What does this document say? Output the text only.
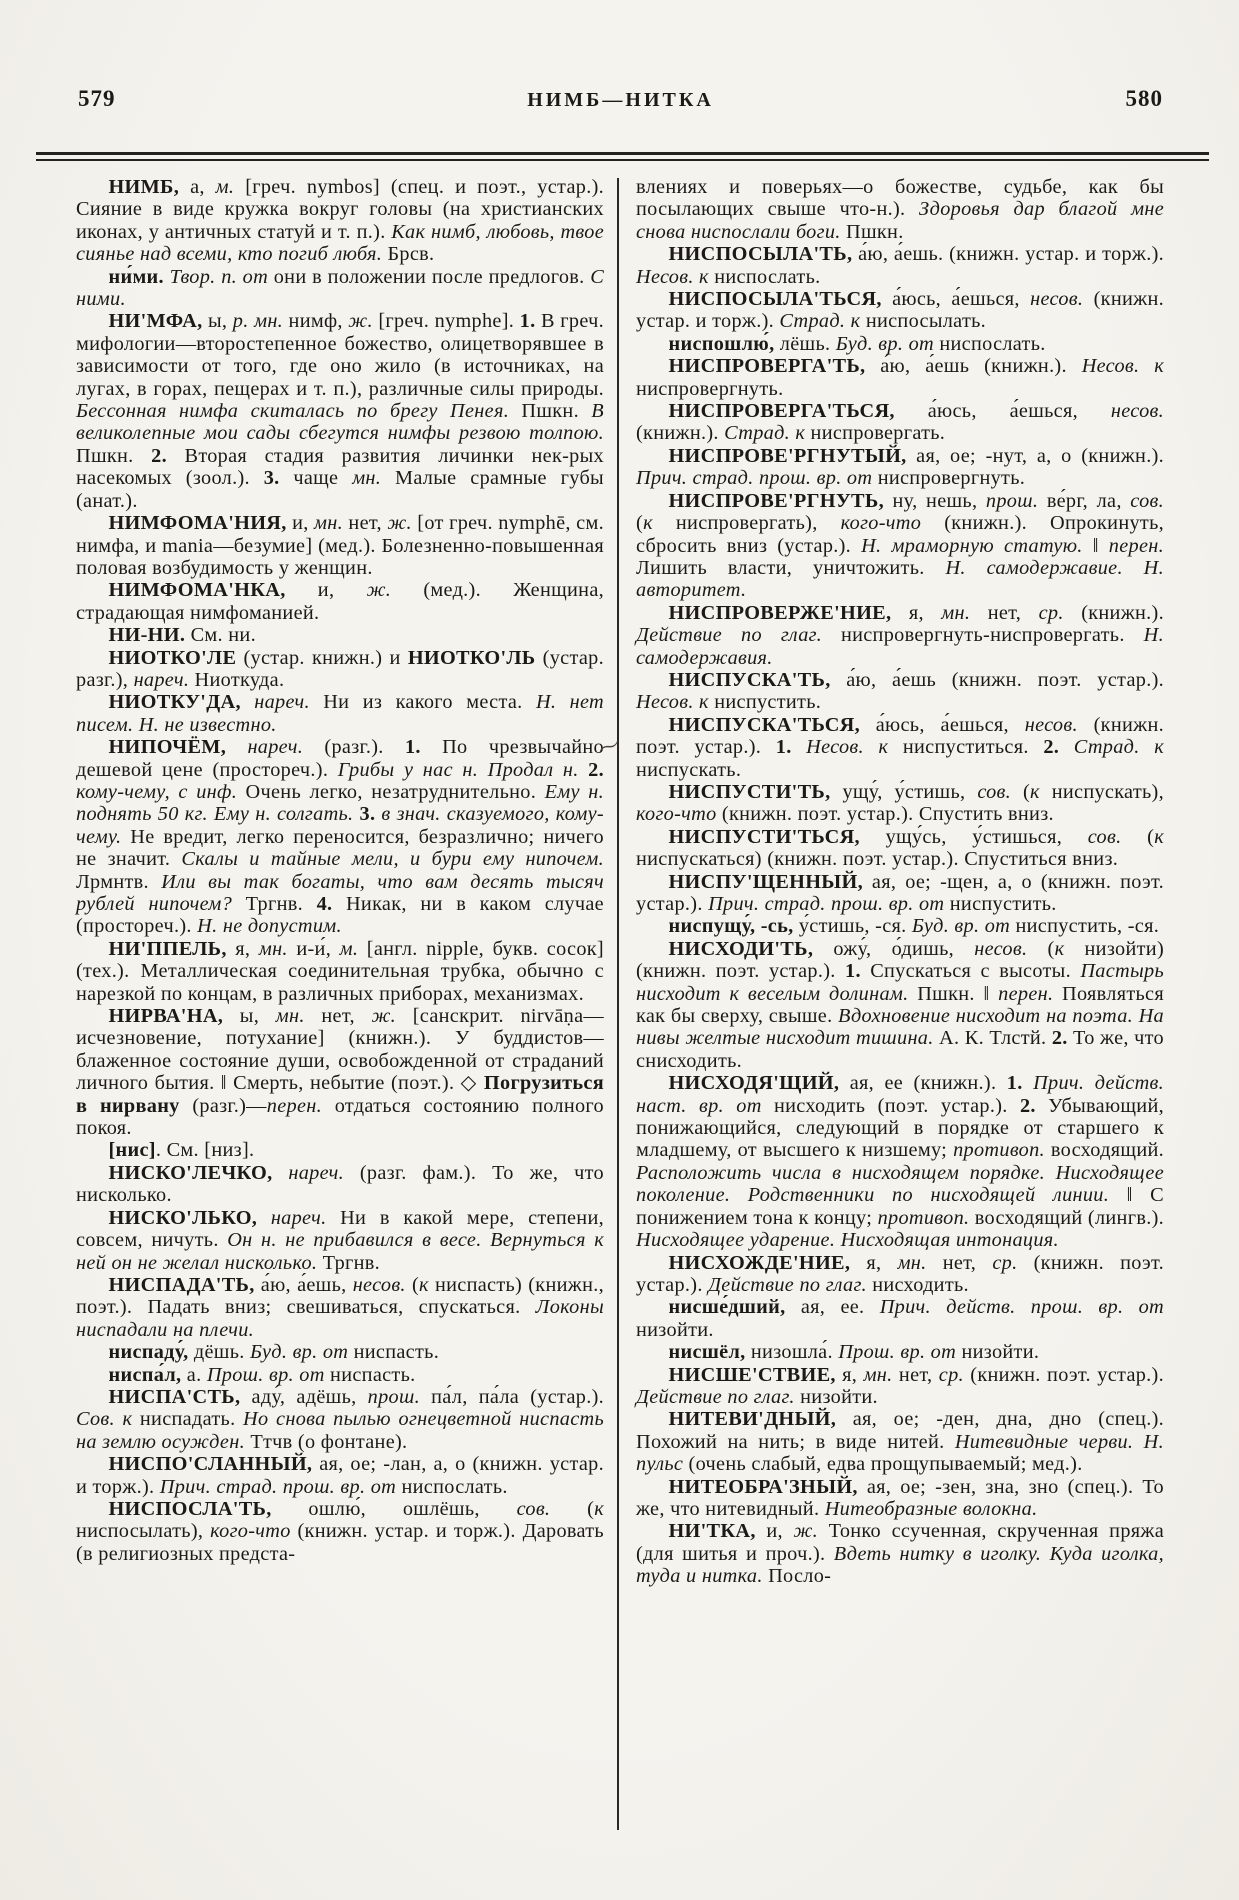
579	НИМБ—НИТКА	580

НИМБ, а, м. [греч. nymbos] (спец. и поэт., устар.). Сияние в виде кружка вокруг головы (на христианских иконах, у античных статуй и т. п.). Как нимб, любовь, твое сиянье над всеми, кто погиб любя. Брсв.

ни́ми. Твор. п. от они в положении после предлогов. С ними.

НИ'МФА, ы, р. мн. нимф, ж. [греч. nymphe]. 1. В греч. мифологии—второстепенное божество, олицетворявшее в зависимости от того, где оно жило (в источниках, на лугах, в горах, пещерах и т. п.), различные силы природы. Бессонная нимфа скиталась по брегу Пенея. Пшкн. В великолепные мои сады сбегутся нимфы резвою толпою. Пшкн. 2. Вторая стадия развития личинки нек-рых насекомых (зоол.). 3. чаще мн. Малые срамные губы (анат.).

НИМФОМА'НИЯ, и, мн. нет, ж. [от греч. nymphē, см. нимфа, и mania—безумие] (мед.). Болезненно-повышенная половая возбудимость у женщин.

НИМФОМА'НКА, и, ж. (мед.). Женщина, страдающая нимфоманией.

НИ-НИ. См. ни.

НИОТКО'ЛЕ (устар. книжн.) и НИОТКО'ЛЬ (устар. разг.), нареч. Ниоткуда.

НИОТКУ'ДА, нареч. Ни из какого места. Н. нет писем. Н. не известно.

НИПОЧЁМ, нареч. (разг.). 1. По чрезвычайно дешевой цене (простореч.). Грибы у нас н. Продал н. 2. кому-чему, с инф. Очень легко, незатруднительно. Ему н. поднять 50 кг. Ему н. солгать. 3. в знач. сказуемого, кому-чему. Не вредит, легко переносится, безразлично; ничего не значит. Скалы и тайные мели, и бури ему нипочем. Лрмнтв. Или вы так богаты, что вам десять тысяч рублей нипочем? Тргнв. 4. Никак, ни в каком случае (простореч.). Н. не допустим.

НИ'ППЕЛЬ, я, мн. и-и́, м. [англ. nipple, букв. сосок] (тех.). Металлическая соединительная трубка, обычно с нарезкой по концам, в различных приборах, механизмах.

НИРВА'НА, ы, мн. нет, ж. [санскрит. nirvāṇa—исчезновение, потухание] (книжн.). У буддистов—блаженное состояние души, освобожденной от страданий личного бытия. ‖ Смерть, небытие (поэт.). ◇ Погрузиться в нирвану (разг.)—перен. отдаться состоянию полного покоя.

[нис]. См. [низ].

НИСКО'ЛЕЧКО, нареч. (разг. фам.). То же, что нисколько.

НИСКО'ЛЬКО, нареч. Ни в какой мере, степени, совсем, ничуть. Он н. не прибавился в весе. Вернуться к ней он не желал нисколько. Тргнв.

НИСПАДА'ТЬ, а́ю, а́ешь, несов. (к ниспасть) (книжн., поэт.). Падать вниз; свешиваться, спускаться. Локоны ниспадали на плечи.

ниспаду́, дёшь. Буд. вр. от ниспасть.

ниспа́л, а. Прош. вр. от ниспасть.

НИСПА'СТЬ, аду́, адёшь, прош. па́л, па́ла (устар.). Сов. к ниспадать. Но снова пылью огнецветной ниспасть на землю осужден. Ттчв (о фонтане).

НИСПО'СЛАННЫЙ, ая, ое; -лан, а, о (книжн. устар. и торж.). Прич. страд. прош. вр. от ниспослать.

НИСПОСЛА'ТЬ, ошлю́, ошлёшь, сов. (к ниспосылать), кого-что (книжн. устар. и торж.). Даровать (в религиозных предста-

влениях и поверьях—о божестве, судьбе, как бы посылающих свыше что-н.). Здоровья дар благой мне снова ниспослали боги. Пшкн.

НИСПОСЫЛА'ТЬ, а́ю, а́ешь. (книжн. устар. и торж.). Несов. к ниспослать.

НИСПОСЫЛА'ТЬСЯ, а́юсь, а́ешься, несов. (книжн. устар. и торж.). Страд. к ниспосылать.

ниспошлю́, лёшь. Буд. вр. от ниспослать.

НИСПРОВЕРГА'ТЬ, а́ю, а́ешь (книжн.). Несов. к ниспровергнуть.

НИСПРОВЕРГА'ТЬСЯ, а́юсь, а́ешься, несов. (книжн.). Страд. к ниспровергать.

НИСПРОВЕ'РГНУТЫЙ, ая, ое; -нут, а, о (книжн.). Прич. страд. прош. вр. от ниспровергнуть.

НИСПРОВЕ'РГНУТЬ, ну, нешь, прош. ве́рг, ла, сов. (к ниспровергать), кого-что (книжн.). Опрокинуть, сбросить вниз (устар.). Н. мраморную статую. ‖ перен. Лишить власти, уничтожить. Н. самодержавие. Н. авторитет.

НИСПРОВЕРЖЕ'НИЕ, я, мн. нет, ср. (книжн.). Действие по глаг. ниспровергнуть-ниспровергать. Н. самодержавия.

НИСПУСКА'ТЬ, а́ю, а́ешь (книжн. поэт. устар.). Несов. к ниспустить.

НИСПУСКА'ТЬСЯ, а́юсь, а́ешься, несов. (книжн. поэт. устар.). 1. Несов. к ниспуститься. 2. Страд. к ниспускать.

НИСПУСТИ'ТЬ, ущу́, у́стишь, сов. (к ниспускать), кого-что (книжн. поэт. устар.). Спустить вниз.

НИСПУСТИ'ТЬСЯ, ущу́сь, у́стишься, сов. (к ниспускаться) (книжн. поэт. устар.). Спуститься вниз.

НИСПУ'ЩЕННЫЙ, ая, ое; -щен, а, о (книжн. поэт. устар.). Прич. страд. прош. вр. от ниспустить.

ниспущу́, -сь, у́стишь, -ся. Буд. вр. от ниспустить, -ся.

НИСХОДИ'ТЬ, ожу́, о́дишь, несов. (к низойти) (книжн. поэт. устар.). 1. Спускаться с высоты. Пастырь нисходит к веселым долинам. Пшкн. ‖ перен. Появляться как бы сверху, свыше. Вдохновение нисходит на поэта. На нивы желтые нисходит тишина. А. К. Тлстй. 2. То же, что снисходить.

НИСХОДЯ'ЩИЙ, ая, ее (книжн.). 1. Прич. действ. наст. вр. от нисходить (поэт. устар.). 2. Убывающий, понижающийся, следующий в порядке от старшего к младшему, от высшего к низшему; противоп. восходящий. Расположить числа в нисходящем порядке. Нисходящее поколение. Родственники по нисходящей линии. ‖ С понижением тона к концу; противоп. восходящий (лингв.). Нисходящее ударение. Нисходящая интонация.

НИСХОЖДЕ'НИЕ, я, мн. нет, ср. (книжн. поэт. устар.). Действие по глаг. нисходить.

нисше́дший, ая, ее. Прич. действ. прош. вр. от низойти.

нисшёл, низошла́. Прош. вр. от низойти.

НИСШЕ'СТВИЕ, я, мн. нет, ср. (книжн. поэт. устар.). Действие по глаг. низойти.

НИТЕВИ'ДНЫЙ, ая, ое; -ден, дна, дно (спец.). Похожий на нить; в виде нитей. Нитевидные черви. Н. пульс (очень слабый, едва прощупываемый; мед.).

НИТЕОБРА'ЗНЫЙ, ая, ое; -зен, зна, зно (спец.). То же, что нитевидный. Нитеобразные волокна.

НИ'ТКА, и, ж. Тонко ссученная, скрученная пряжа (для шитья и проч.). Вдеть нитку в иголку. Куда иголка, туда и нитка. Посло-

〜
